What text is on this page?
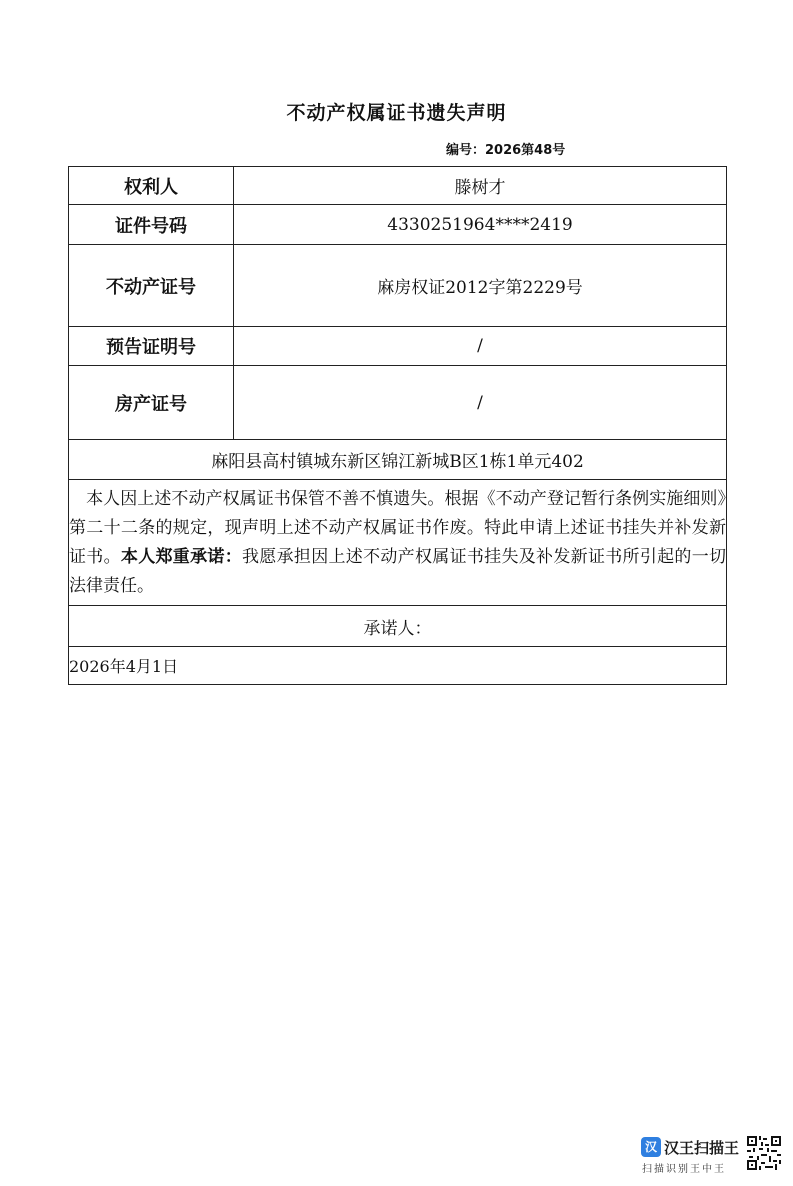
不动产权属证书遗失声明
编号：2026第48号
权利人	滕树才
证件号码	4330251964****2419
不动产证号	麻房权证2012字第2229号
预告证明号	/
房产证号	/
麻阳县高村镇城东新区锦江新城B区1栋1单元402	
本人因上述不动产权属证书保管不善不慎遗失。根据《不动产登记暂行条例实施细则》第二十二条的规定，现声明上述不动产权属证书作废。特此申请上述证书挂失并补发新证书。本人郑重承诺：我愿承担因上述不动产权属证书挂失及补发新证书所引起的一切法律责任。	
承诺人：	
2026年4月1日	
汉 汉王扫描王
扫描识别王中王
